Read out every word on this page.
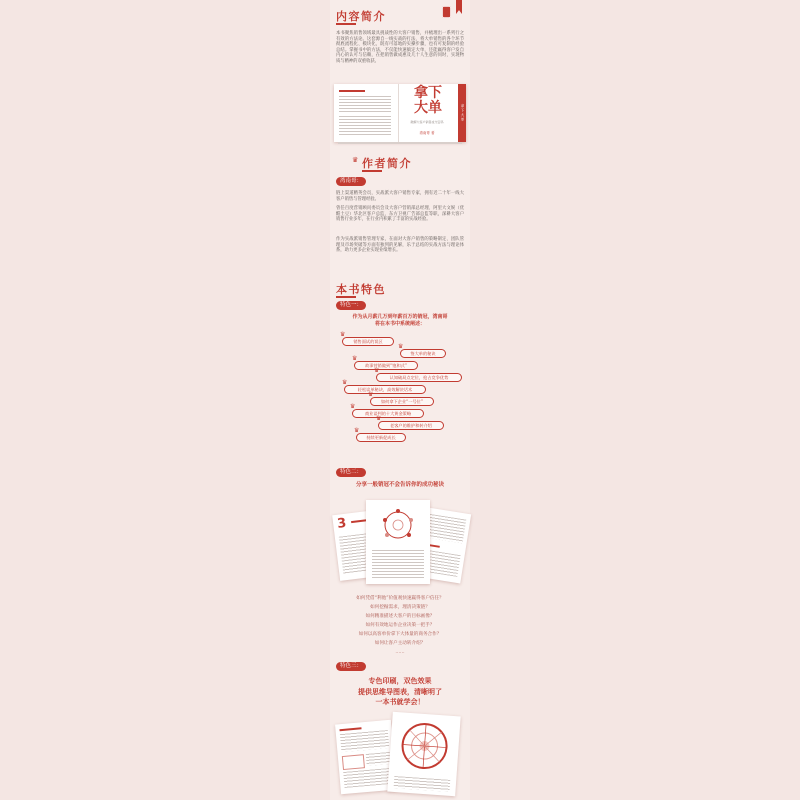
内容简介
本书聚焦销售领域最具挑战性的大客户销售，并梳理出一系列行之有效的方法论。这套源自一线实战的打法，将大单销售的各个环节彻底流程化、模块化，既有可落地的实操步骤，也有可复制的经验总结。掌握书中的方法，不仅能快速搞定大单，还能赢得客户发自内心的认可与信赖，在把销售做成惠及几十人生意的同时，实现物质与精神的双重收获。
拿下
大单
破解大客户销售成交密码
湾南哥 著
拿下大单
♛ 作者简介
湾南哥：
链上渠道精英会员，实战派大客户销售专家，拥有近二十年一线大客户销售与管理经验。
曾任百度营销顾问委员会及大客户营销部总经理、阿里大文娱（优酷土豆）华北区客户总监、东方卫视广告部总监等职，深耕大客户销售行业多年，在行业内积累了丰富的实战经验。
作为实战派销售管理专家，在面对大客户销售的策略制定、团队管理及市场突破等方面有独到的见解，乐于总结的实战方法与理论体系，助力更多企业实现业绩增长。
本书特色
特色一：
作为从月薪几万到年薪百万的销冠，湾南哥
将在本书中系统阐述：
♛
销售面试的误区
♛
签大单的秘诀
♛
故事营销做到“饱和式”
♛
认知破局点定位，抢占竞争优势
♛
轻松谈单秘诀，高效解决话术
♛
如何拿下企业“一号位”
♛
商业谈判的十大黄金策略
♛
老客户的维护和转介绍
♛
持续更新促成长
特色二：
分享一般销冠不会告诉你的成功秘诀
3
如何凭借“利他”价值观快速赢得客户信任？
如何挖掘需求，理清决策链？
如何精准描述大客户的目标画像？
如何有效地运作企业决策一把手？
如何以高客单价拿下大体量的商务合作？
如何让客户主动转介绍？
……
特色三：
专色印刷，双色效果
提供思维导图表，清晰明了
一本书就学会！
